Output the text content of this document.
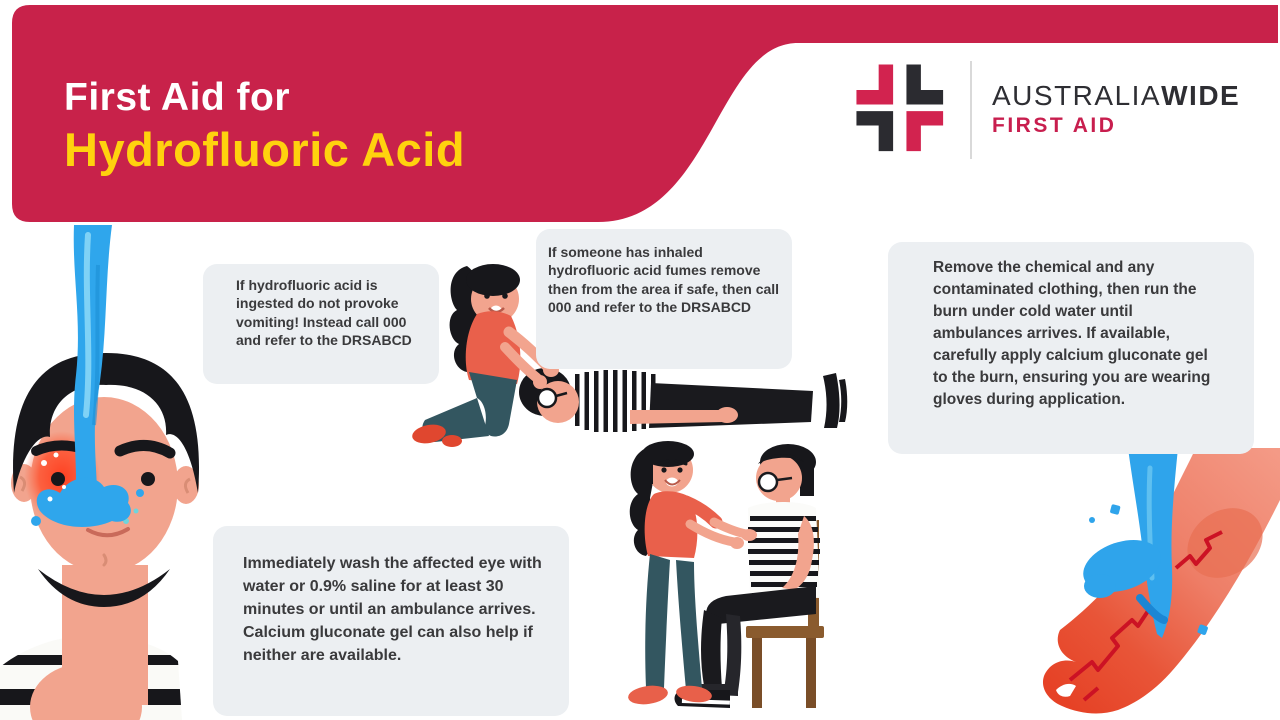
First Aid for
Hydrofluoric Acid
AUSTRALIAWIDE
FIRST AID
If hydrofluoric acid is ingested do not provoke vomiting! Instead call 000 and refer to the DRSABCD
If someone has inhaled hydrofluoric acid fumes remove then from the area if safe, then call 000 and refer to the DRSABCD
Remove the chemical and any contaminated clothing, then run the burn under cold water until ambulances arrives. If available, carefully apply calcium gluconate gel to the burn, ensuring you are wearing gloves during application.
Immediately wash the affected eye with water or 0.9% saline for at least 30 minutes or until an ambulance arrives. Calcium gluconate gel can also help if neither are available.
